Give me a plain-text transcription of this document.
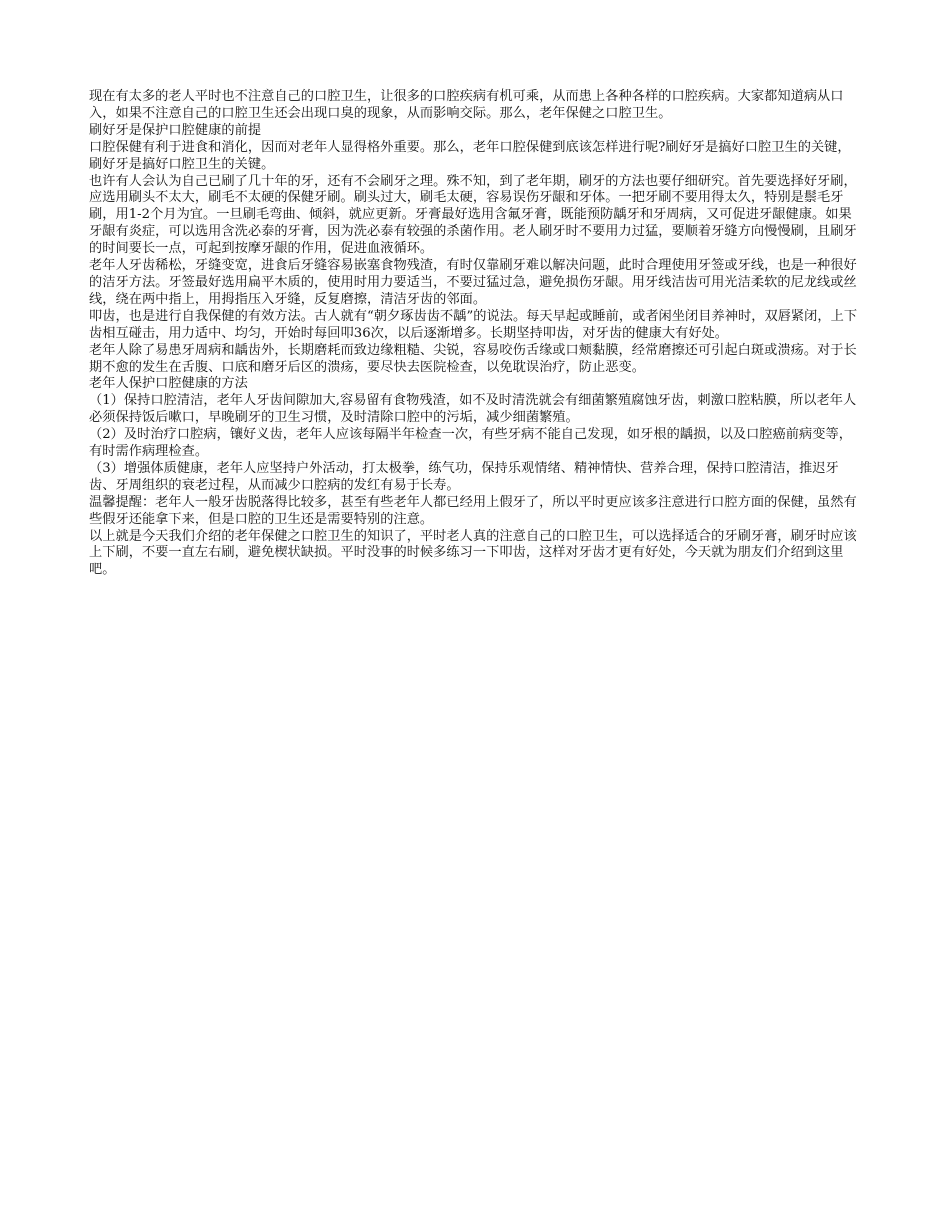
现在有太多的老人平时也不注意自己的口腔卫生，让很多的口腔疾病有机可乘，从而患上各种各样的口腔疾病。大家都知道病从口入，如果不注意自己的口腔卫生还会出现口臭的现象，从而影响交际。那么，老年保健之口腔卫生。

刷好牙是保护口腔健康的前提

口腔保健有利于进食和消化，因而对老年人显得格外重要。那么，老年口腔保健到底该怎样进行呢?刷好牙是搞好口腔卫生的关键，刷好牙是搞好口腔卫生的关键。

也许有人会认为自己已刷了几十年的牙，还有不会刷牙之理。殊不知，到了老年期，刷牙的方法也要仔细研究。首先要选择好牙刷，应选用刷头不太大，刷毛不太硬的保健牙刷。刷头过大，刷毛太硬，容易误伤牙龈和牙体。一把牙刷不要用得太久，特别是鬃毛牙刷，用1-2个月为宜。一旦刷毛弯曲、倾斜，就应更新。牙膏最好选用含氟牙膏，既能预防龋牙和牙周病，又可促进牙龈健康。如果牙龈有炎症，可以选用含洗必泰的牙膏，因为洗必泰有较强的杀菌作用。老人刷牙时不要用力过猛，要顺着牙缝方向慢慢刷，且刷牙的时间要长一点，可起到按摩牙龈的作用，促进血液循环。

老年人牙齿稀松，牙缝变宽，进食后牙缝容易嵌塞食物残渣，有时仅靠刷牙难以解决问题，此时合理使用牙签或牙线，也是一种很好的洁牙方法。牙签最好选用扁平木质的，使用时用力要适当，不要过猛过急，避免损伤牙龈。用牙线洁齿可用光洁柔软的尼龙线或丝线，绕在两中指上，用拇指压入牙缝，反复磨擦，清洁牙齿的邻面。

叩齿，也是进行自我保健的有效方法。古人就有“朝夕琢齿齿不龋”的说法。每天早起或睡前，或者闲坐闭目养神时，双唇紧闭，上下齿相互碰击，用力适中、均匀，开始时每回叩36次，以后逐渐增多。长期坚持叩齿，对牙齿的健康大有好处。

老年人除了易患牙周病和龋齿外，长期磨耗而致边缘粗糙、尖锐，容易咬伤舌缘或口颊黏膜，经常磨擦还可引起白斑或溃疡。对于长期不愈的发生在舌腹、口底和磨牙后区的溃疡，要尽快去医院检查，以免耽误治疗，防止恶变。

老年人保护口腔健康的方法

（1）保持口腔清洁，老年人牙齿间隙加大,容易留有食物残渣，如不及时清洗就会有细菌繁殖腐蚀牙齿，刺激口腔粘膜，所以老年人必须保持饭后嗽口，早晚刷牙的卫生习惯，及时清除口腔中的污垢，减少细菌繁殖。

（2）及时治疗口腔病，镶好义齿，老年人应该每隔半年检查一次，有些牙病不能自己发现，如牙根的龋损，以及口腔癌前病变等，有时需作病理检查。

（3）增强体质健康，老年人应坚持户外活动，打太极拳，练气功，保持乐观情绪、精神情快、营养合理，保持口腔清洁，推迟牙齿、牙周组织的衰老过程，从而减少口腔病的发红有易于长寿。

温馨提醒：老年人一般牙齿脱落得比较多，甚至有些老年人都已经用上假牙了，所以平时更应该多注意进行口腔方面的保健，虽然有些假牙还能拿下来，但是口腔的卫生还是需要特别的注意。

以上就是今天我们介绍的老年保健之口腔卫生的知识了，平时老人真的注意自己的口腔卫生，可以选择适合的牙刷牙膏，刷牙时应该上下刷，不要一直左右刷，避免楔状缺损。平时没事的时候多练习一下叩齿，这样对牙齿才更有好处，今天就为朋友们介绍到这里吧。
